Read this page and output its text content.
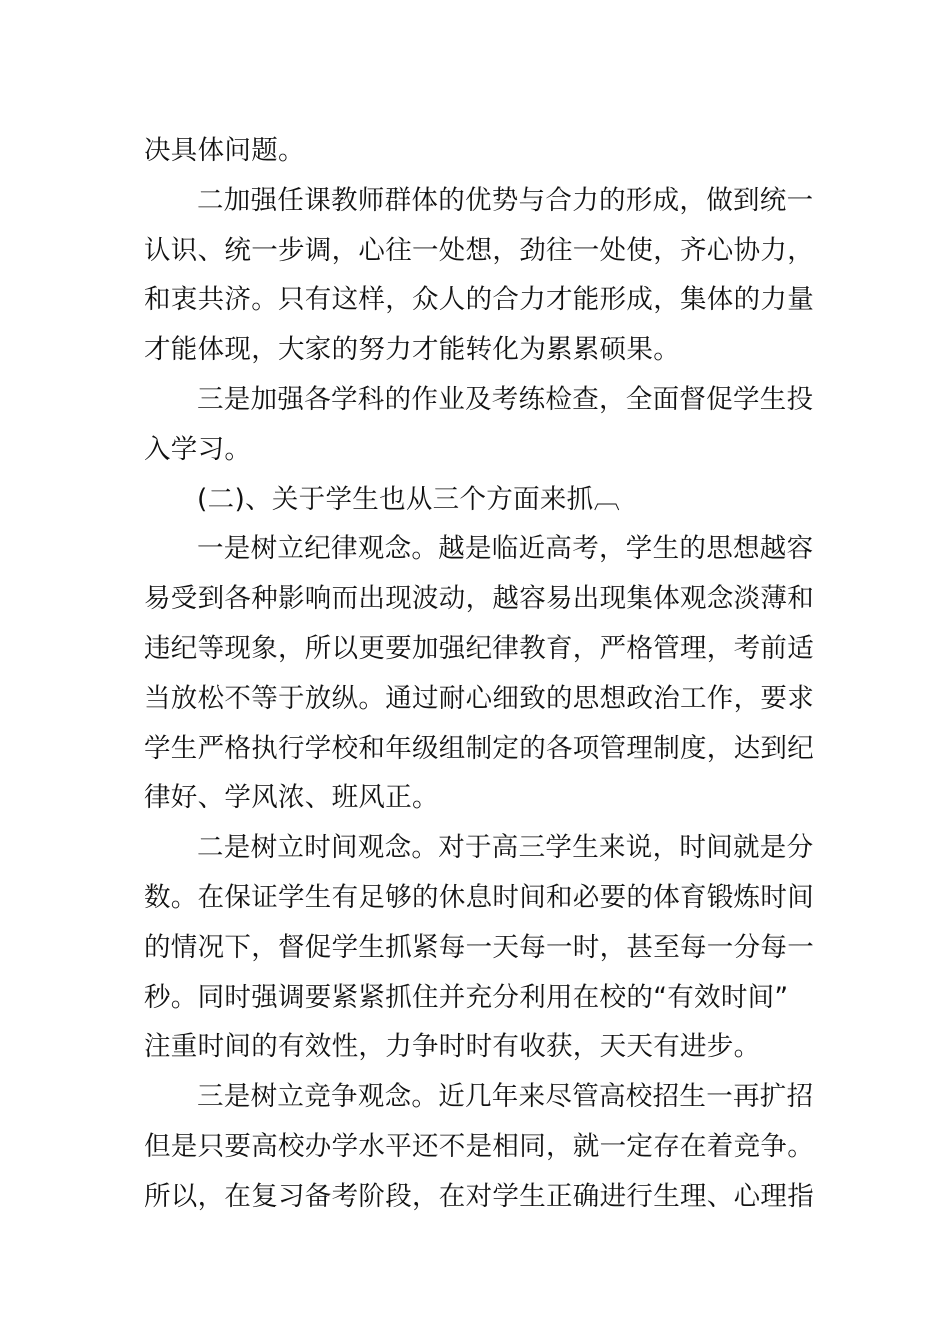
决具体问题。

二加强任课教师群体的优势与合力的形成，做到统一

认识、统一步调，心往一处想，劲往一处使，齐心协力，

和衷共济。只有这样，众人的合力才能形成，集体的力量

才能体现，大家的努力才能转化为累累硕果。

三是加强各学科的作业及考练检查，全面督促学生投

入学习。

(二)、关于学生也从三个方面来抓︹

一是树立纪律观念。越是临近高考，学生的思想越容

易受到各种影响而出现波动，越容易出现集体观念淡薄和

违纪等现象，所以更要加强纪律教育，严格管理，考前适

当放松不等于放纵。通过耐心细致的思想政治工作，要求

学生严格执行学校和年级组制定的各项管理制度，达到纪

律好、学风浓、班风正。

二是树立时间观念。对于高三学生来说，时间就是分

数。在保证学生有足够的休息时间和必要的体育锻炼时间

的情况下，督促学生抓紧每一天每一时，甚至每一分每一

秒。同时强调要紧紧抓住并充分利用在校的“有效时间”

注重时间的有效性，力争时时有收获，天天有进步。

三是树立竞争观念。近几年来尽管高校招生一再扩招

但是只要高校办学水平还不是相同，就一定存在着竞争。

所以，在复习备考阶段，在对学生正确进行生理、心理指
